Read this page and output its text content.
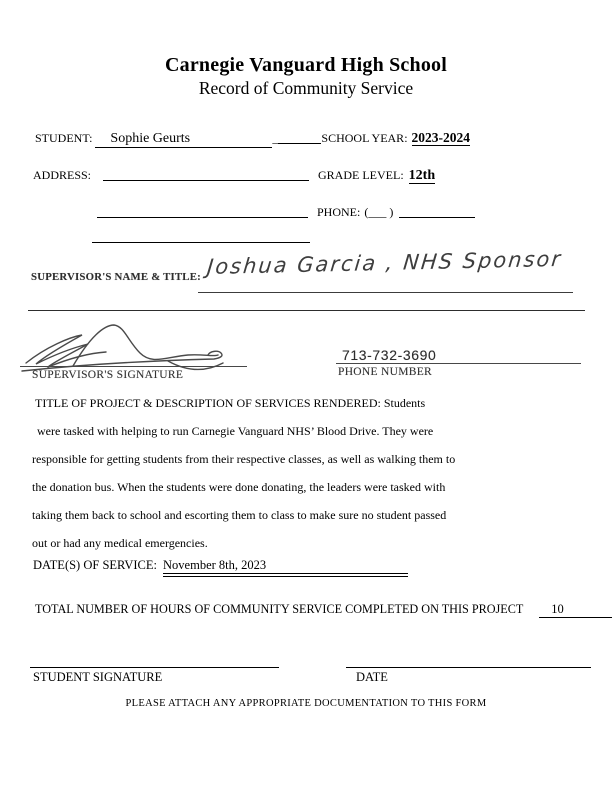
Carnegie Vanguard High School
Record of Community Service
STUDENT: Sophie Geurts	_	SCHOOL YEAR: 2023-2024
ADDRESS:	GRADE LEVEL: 12th
PHONE: (___ )
SUPERVISOR'S NAME & TITLE: Joshua Garcia , NHS Sponsor
SUPERVISOR'S SIGNATURE
713-732-3690
PHONE NUMBER
TITLE OF PROJECT & DESCRIPTION OF SERVICES RENDERED: Students
were tasked with helping to run Carnegie Vanguard NHS’ Blood Drive. They were
responsible for getting students from their respective classes, as well as walking them to
the donation bus. When the students were done donating, the leaders were tasked with
taking them back to school and escorting them to class to make sure no student passed
out or had any medical emergencies.
DATE(S) OF SERVICE: November 8th, 2023
TOTAL NUMBER OF HOURS OF COMMUNITY SERVICE COMPLETED ON THIS PROJECT 10
STUDENT SIGNATURE	DATE
PLEASE ATTACH ANY APPROPRIATE DOCUMENTATION TO THIS FORM
